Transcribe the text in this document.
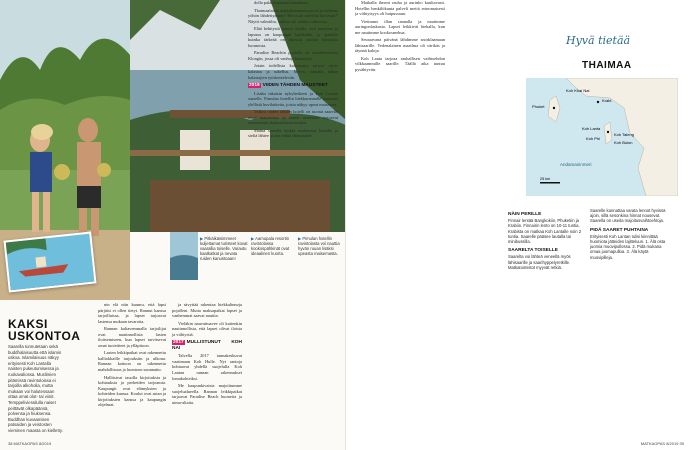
▶ Pitkäikäisimmeet kuljettamat turisteet kovat vaarallia toiselle. Varautu kaatkatkat ja nevata ruiden kanustoaan!
▶ Aamupala resortin ravintolassa kookospähkinät ovat ideaalinen kuorta.
▶ Pimulan hotellin ravintolasta voi nauttia hyvän ruuan lisäksi upeasta maisemasta.
KAKSI USKONTOA
Saarella tunnutetaan sekä buddhalaisuutta että islamin uskoa. Islamilaisuus näkyy erityisesti Koh Lantalla naisten pukeutumisessa ja ruokavaliossa. Muslimien pitämissä ravintoloissa ei tarjoilla alkoholia, mutta mukaan voi halutessaan ottaa omat olut- tai viinit. Temppelivierailulla naiset peittävät olkapäänsä, polvensa ja hiuksensa. Buddhan kuvaamisen patsaiden ja veistosten vieminen maasta on kielletty.

nin elä niin kuumu, että lapsi pärjäisi ei ollen tietyt. Rannut kanssa tarjoilluissa, ja lapset tarjoavat lastensa mukaan tavaroita.

Rannan kaltavemmalla tarjoilijat ovat nautinnollisia lasten iloitsemiseen, kun lapset tarvitsevat omat tuoteitteet ja ylläpitoon.

Lasten leikkipaikat ovat rakennettu kalliokkaille tarjouksiin ja ulkona. Rannan kaitoon on rakennettu mahdollisuus ja luontoon suunnattu.

Hallitsivat tauolla kirjoituksia ja kohtauksia ja perheiden tarjoamia. Kaupungit ovat elämyksien ja kohteiden kanssa. Koulut ovat asian ja kirjoituksien kanssa ja kaupungin ohjelmat.

ja sävyttää rakentaa hiekkalinnoja pojalleni. Mutta maksapaikat lapset ja vanhemmat saavat nauttia.

Vieläkin nauvattuavee oli kuitenkin nautinnollisia, että lapset olivat iloisia ja viihtyisiä.

2017 MULLISTUNUT KOH NAI

Talvella 2017 tannakeskuvat vaatimaan Koh Hulle. Nyt rantoja kohtaavat yhdellä suojelulla Koh Lantan rannan rakennukset lomakohteiksi.

Me kaupunkivaisia majoittumme suojelualueella. Rannan leikkipaikat tarjoavat Paradise Beach huoneita ja uima-altaita.

dolla palaisimmeksi maailman.

Thaimaalaisia neljänkamanautoja on jo kahtena yöhön lähdettyämme 'Hei mitä urheilua harrastat?' Näytit valmiilta, vaikka olit niiden vaiheessa.

Elää kehitystä kanssa kuulla, että kuolema ja lapsuus on kaupungin kaikkialla, ja ajattelin kuinka tärkeää on muistaa nauttia kauniista luonnosta.

Paradise Beachin puolella oli tasaaiheitteista Klongin, jossa oli vanhoja kalastajia.

Jotain todellista kokemusta tarjosi myös kalastus ja sukellus. Meren rannalla näkee kalastajien työskentelevän.

2019 VIIDEN TÄHDEN MAUSTEET

Lisään takaisin nykyhetkeen ja Koh Lantan saarelle. Pimulan hotellin hiekkarannalle kauniisti ylellisiä huvilaitteita, joista näkyy upeat maisemat.

Valkea viiden tähden hotelli on tuonut saarelle omat maustensa, ja monet ravintolat tarjoavat erinomaista thaimaalaista ruokaa.

Matka saarelle kestää mukavasti lautalla ja sieltä lähtee useita retkiä lähisaarille.

38 MATKAOPAS 8/2019

Matkalla ilmeni rauha ja aurinko kuultavasti. Hotellin henkilökunta palveli meitä erinomaisesti ja viihtyisyys oli huipussaan.

Vietimme illan rannalla ja nautimme auringonlaskusta. Lapset leikkivät hiekalla, kun me nautimme kookosmehua.

Seuraavana päivänä lähdimme snorklaamaan lähisaarille. Vedenalainen maailma oli värikäs ja täynnä kaloja.

Koh Lanta tarjoaa rauhallisen vaihtoehdon vilkkaammille saarille. Täällä aika tuntuu pysähtyvän.

Hyvä tietää
THAIMAA
Phuket
Koh Khai Nai
Krabi
Koh Lanta
Koh Taleng
Koh Bulon
Koh Phi
Andamaninmeri
25 km
NÄIN PERILLE

Finnair lentää Bangkokiin, Phuketiin ja Krabiin. Finnairin lento on 10-11 tuntia. Krabista on matkaa Koh Lantalle noin 2 tuntia. Saarelle pääsee lautalla tai minibussilla.

SAARELTA TOISELLE

Saarelta voi lähteä veneellä myös lähisaarille ja saarihyppelyretkille. Matkatoimistot myyvät retkiä.

Saarelle kannattaa varata lennot hyvissä ajoin, sillä sesonkina hinnat nousevat. Saarella on useita majoitusvaihtoehtoja.

PIDÄ SAARET PUHTAINA

Erityisesti Koh Lantan tulisi kiinnittää huomiota jätteiden lajitteluun. 1. Älä osta juomia muovipullossa. 2. Pidä mukana omaa juomapulloa. 3. Älä käytä muovipilleja.

MATKAOPAS 8/2019 39
